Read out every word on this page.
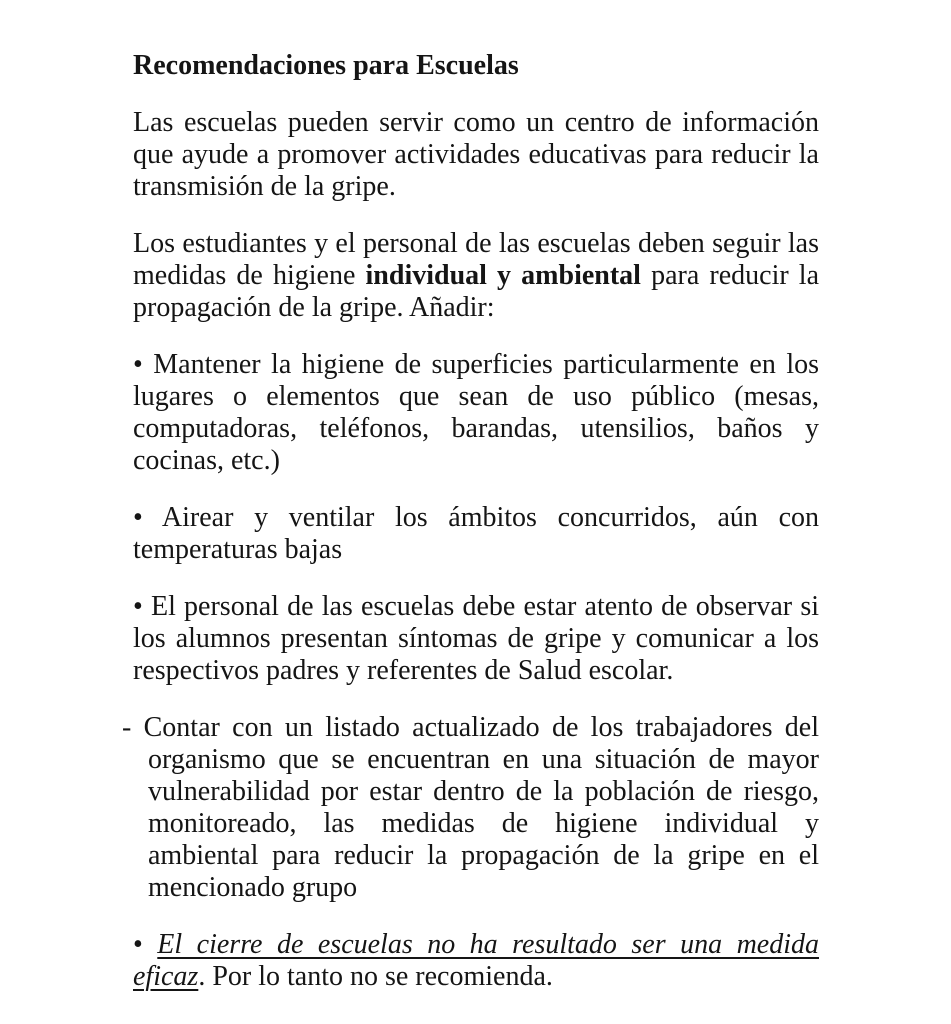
Recomendaciones para Escuelas
Las escuelas pueden servir como un centro de información
que ayude a promover actividades educativas para reducir la
transmisión de la gripe.
Los estudiantes y el personal de las escuelas deben seguir las
medidas de higiene individual y ambiental para reducir la
propagación de la gripe. Añadir:
• Mantener la higiene de superficies particularmente en los
lugares o elementos que sean de uso público (mesas,
computadoras, teléfonos, barandas, utensilios, baños y
cocinas, etc.)
• Airear y ventilar los ámbitos concurridos, aún con
temperaturas bajas
• El personal de las escuelas debe estar atento de observar si
los alumnos presentan síntomas de gripe y comunicar a los
respectivos padres y referentes de Salud escolar.
- Contar con un listado actualizado de los trabajadores del
organismo que se encuentran en una situación de mayor
vulnerabilidad por estar dentro de la población de riesgo,
monitoreado, las medidas de higiene individual y
ambiental para reducir la propagación de la gripe en el
mencionado grupo
• El cierre de escuelas no ha resultado ser una medida
eficaz. Por lo tanto no se recomienda.
